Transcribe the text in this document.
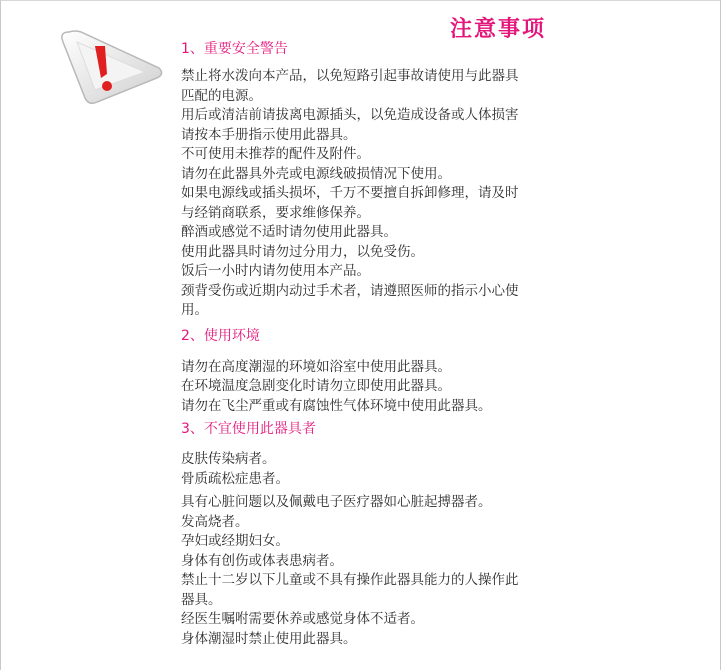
注意事项
1、重要安全警告
禁止将水泼向本产品，以免短路引起事故请使用与此器具
匹配的电源。
用后或清洁前请拔离电源插头，以免造成设备或人体损害
请按本手册指示使用此器具。
不可使用未推荐的配件及附件。
请勿在此器具外壳或电源线破损情况下使用。
如果电源线或插头损坏，千万不要擅自拆卸修理，请及时
与经销商联系，要求维修保养。
醉酒或感觉不适时请勿使用此器具。
使用此器具时请勿过分用力，以免受伤。
饭后一小时内请勿使用本产品。
颈背受伤或近期内动过手术者，请遵照医师的指示小心使
用。
2、使用环境
请勿在高度潮湿的环境如浴室中使用此器具。
在环境温度急剧变化时请勿立即使用此器具。
请勿在飞尘严重或有腐蚀性气体环境中使用此器具。
3、不宜使用此器具者
皮肤传染病者。
骨质疏松症患者。
具有心脏问题以及佩戴电子医疗器如心脏起搏器者。
发高烧者。
孕妇或经期妇女。
身体有创伤或体表患病者。
禁止十二岁以下儿童或不具有操作此器具能力的人操作此
器具。
经医生嘱咐需要休养或感觉身体不适者。
身体潮湿时禁止使用此器具。
